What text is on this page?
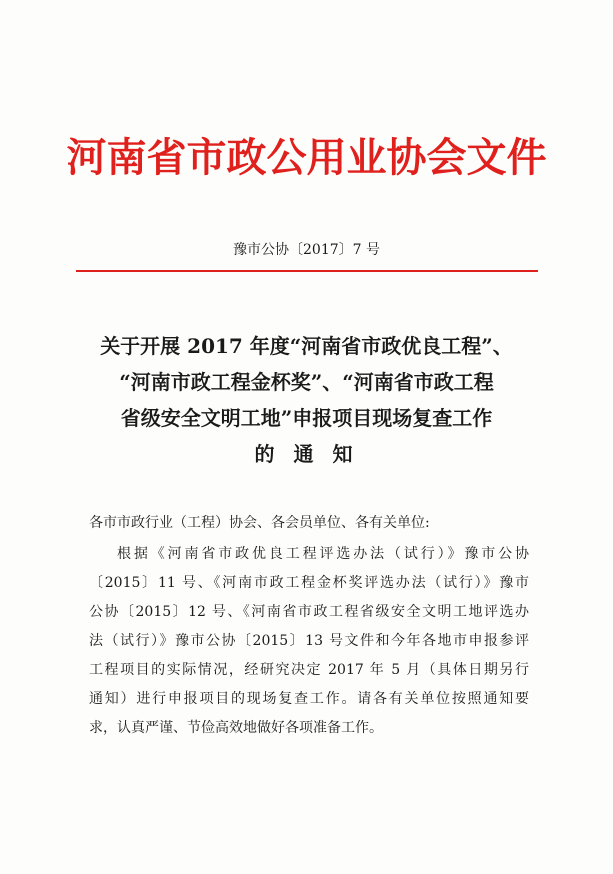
河南省市政公用业协会文件
豫市公协〔2017〕7 号
关于开展 2017 年度“河南省市政优良工程”、
“河南市政工程金杯奖”、“河南省市政工程
省级安全文明工地”申报项目现场复查工作
的 通 知
各市市政行业（工程）协会、各会员单位、各有关单位:
根据《河南省市政优良工程评选办法（试行）》豫市公协
〔2015〕11 号、《河南市政工程金杯奖评选办法（试行）》豫市
公协〔2015〕12 号、《河南省市政工程省级安全文明工地评选办
法（试行）》豫市公协〔2015〕13 号文件和今年各地市申报参评
工程项目的实际情况，经研究决定 2017 年 5 月（具体日期另行
通知）进行申报项目的现场复查工作。请各有关单位按照通知要
求，认真严谨、节俭高效地做好各项准备工作。
